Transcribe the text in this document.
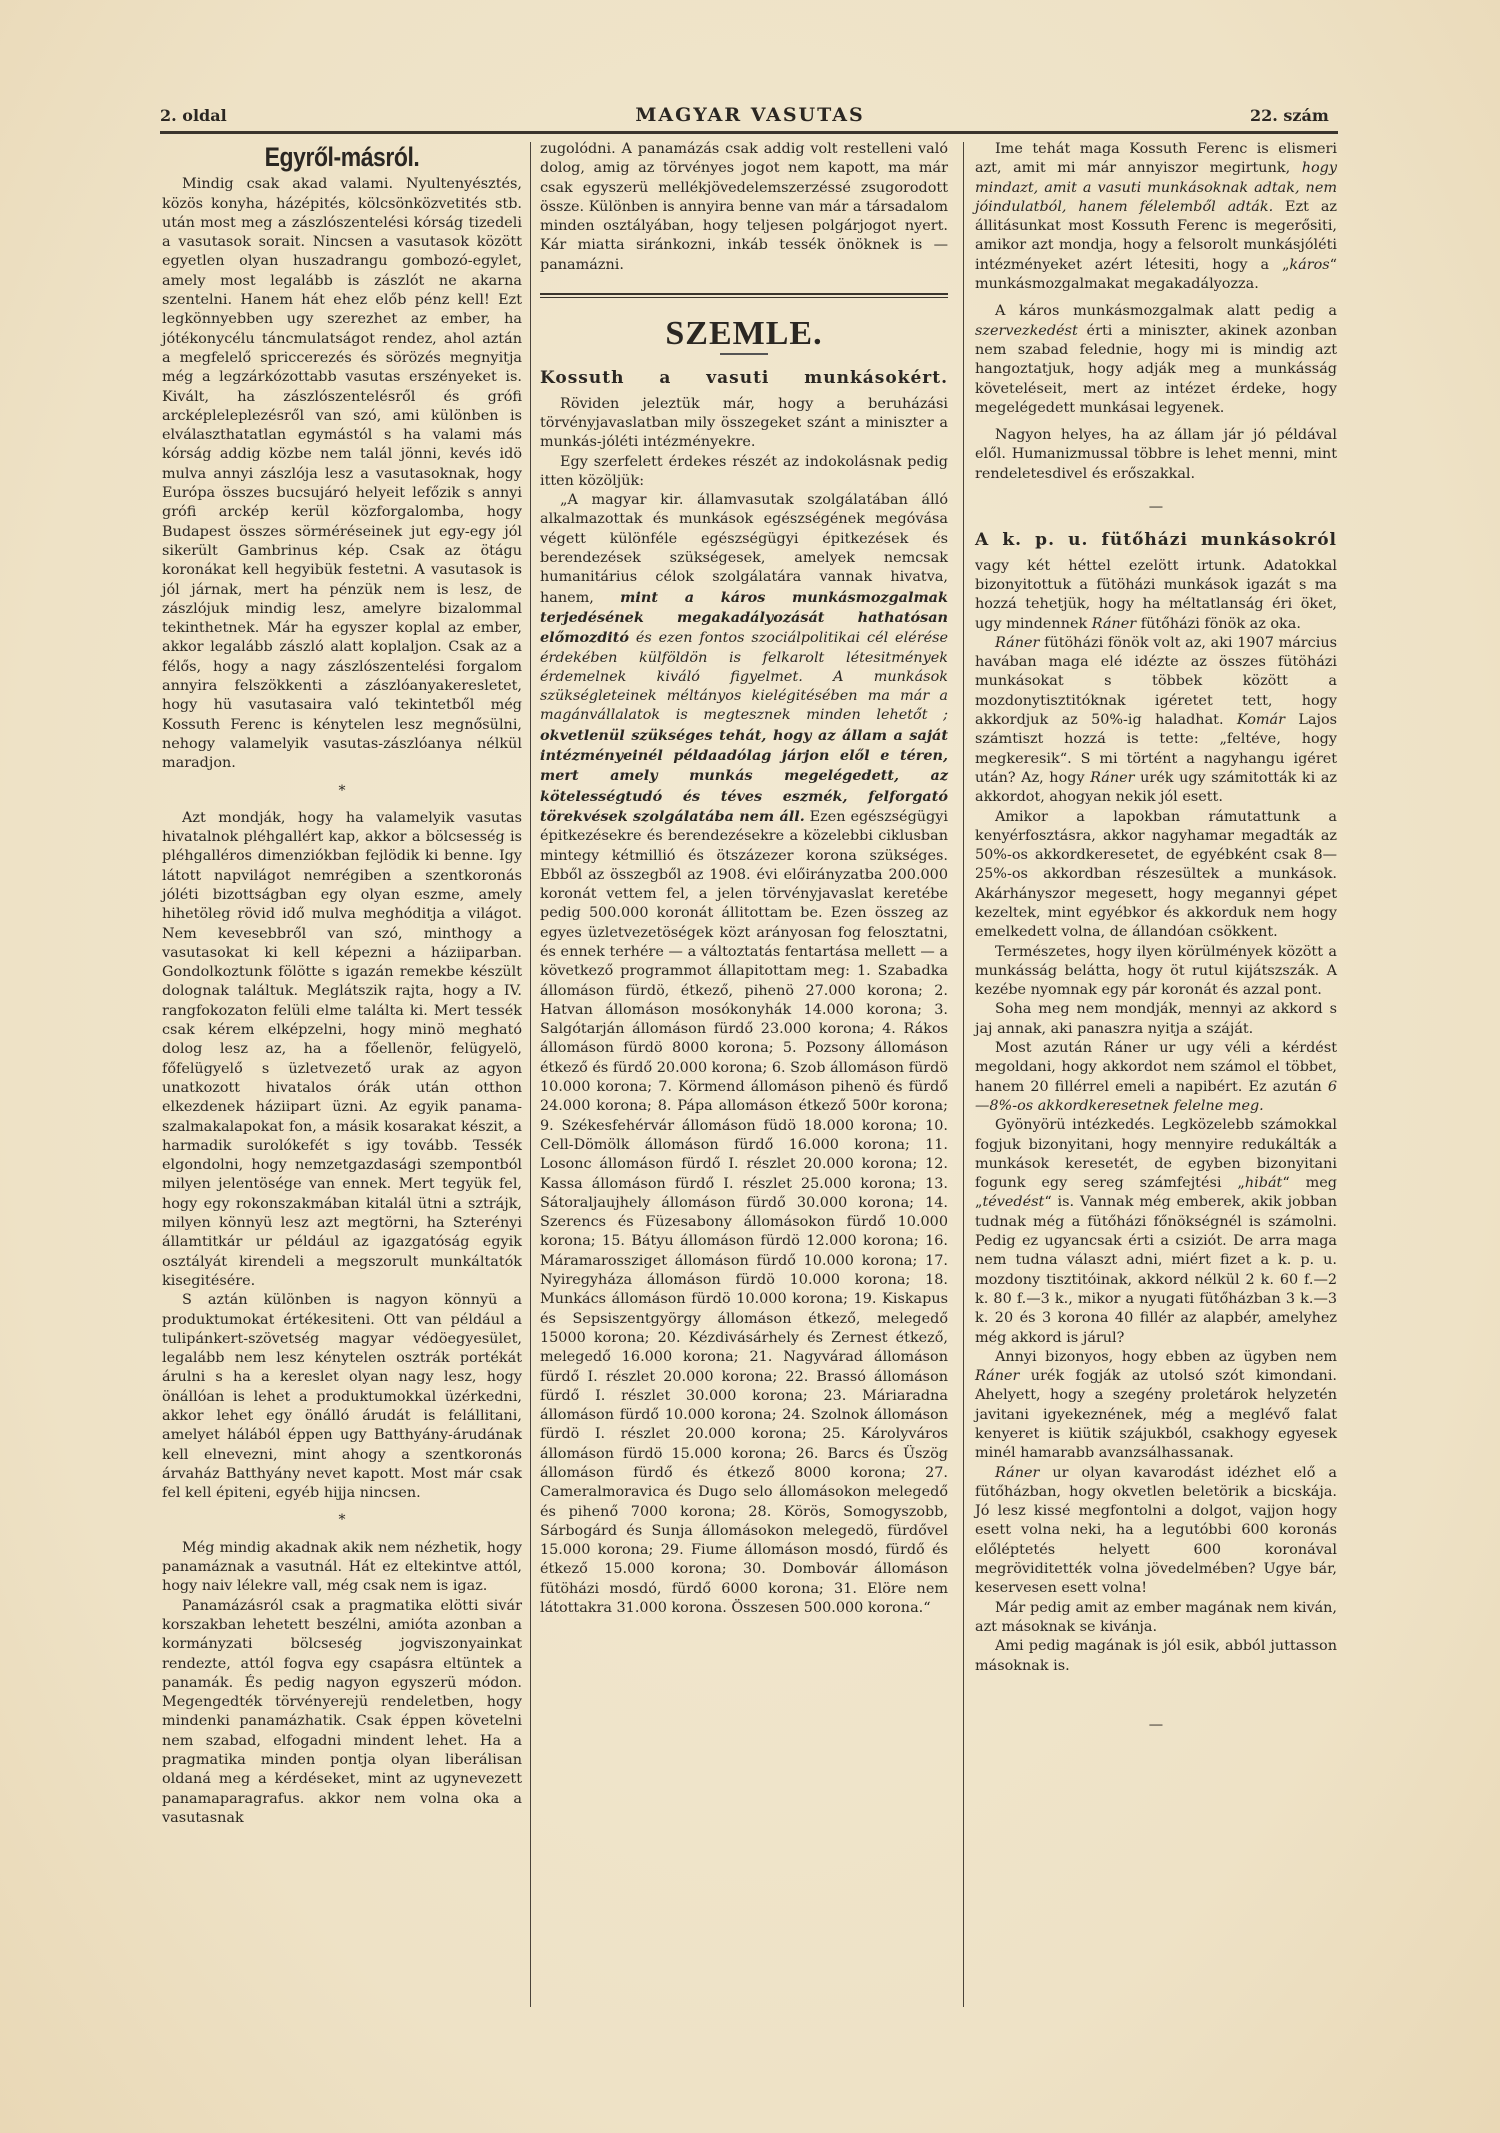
2. oldal	MAGYAR VASUTAS	22. szám
Egyről-másról.

Mindig csak akad valami. Nyultenyésztés, közös konyha, házépités, kölcsönközvetités stb. után most meg a zászlószentelési kórság tizedeli a vasutasok sorait. Nincsen a vasutasok között egyetlen olyan huszadrangu gombozó-egylet, amely most legalább is zászlót ne akarna szentelni. Hanem hát ehez előb pénz kell! Ezt legkönnyebben ugy szerezhet az ember, ha jótékonycélu táncmulatságot rendez, ahol aztán a megfelelő spriccerezés és sörözés megnyitja még a legzárkózottabb vasutas erszényeket is. Kivált, ha zászlószentelésről és grófi arcképleleplezésről van szó, ami különben is elválaszthatatlan egymástól s ha valami más kórság addig közbe nem talál jönni, kevés idö mulva annyi zászlója lesz a vasutasoknak, hogy Európa összes bucsujáró helyeit lefőzik s annyi grófi arckép kerül közforgalomba, hogy Budapest összes sörméréseinek jut egy-egy jól sikerült Gambrinus kép. Csak az ötágu koronákat kell hegyibük festetni. A vasutasok is jól járnak, mert ha pénzük nem is lesz, de zászlójuk mindig lesz, amelyre bizalommal tekinthetnek. Már ha egyszer koplal az ember, akkor legalább zászló alatt koplaljon. Csak az a félős, hogy a nagy zászlószentelési forgalom annyira felszökkenti a zászlóanyakeresletet, hogy hü vasutasaira való tekintetből még Kossuth Ferenc is kénytelen lesz megnősülni, nehogy valamelyik vasutas-zászlóanya nélkül maradjon.

*

Azt mondják, hogy ha valamelyik vasutas hivatalnok pléhgallért kap, akkor a bölcsesség is pléhgalléros dimenziókban fejlödik ki benne. Igy látott napvilágot nemrégiben a szentkoronás jóléti bizottságban egy olyan eszme, amely hihetöleg rövid idő mulva meghóditja a világot. Nem kevesebbről van szó, minthogy a vasutasokat ki kell képezni a háziiparban. Gondolkoztunk fölötte s igazán remekbe készült dolognak találtuk. Meglátszik rajta, hogy a IV. rangfokozaton felüli elme találta ki. Mert tessék csak kérem elképzelni, hogy minö megható dolog lesz az, ha a főellenör, felügyelö, főfelügyelő s üzletvezető urak az agyon unatkozott hivatalos órák után otthon elkezdenek háziipart üzni. Az egyik panama-szalmakalapokat fon, a másik kosarakat készit, a harmadik surolókefét s igy tovább. Tessék elgondolni, hogy nemzetgazdasági szempontból milyen jelentösége van ennek. Mert tegyük fel, hogy egy rokonszakmában kitalál ütni a sztrájk, milyen könnyü lesz azt megtörni, ha Szterényi államtitkár ur például az igazgatóság egyik osztályát kirendeli a megszorult munkáltatók kisegitésére.

S aztán különben is nagyon könnyü a produktumokat értékesiteni. Ott van például a tulipánkert-szövetség magyar védöegyesület, legalább nem lesz kénytelen osztrák portékát árulni s ha a kereslet olyan nagy lesz, hogy önállóan is lehet a produktumokkal üzérkedni, akkor lehet egy önálló árudát is felállitani, amelyet hálából éppen ugy Batthyány-árudának kell elnevezni, mint ahogy a szentkoronás árvaház Batthyány nevet kapott. Most már csak fel kell épiteni, egyéb hijja nincsen.

*

Még mindig akadnak akik nem nézhetik, hogy panamáznak a vasutnál. Hát ez eltekintve attól, hogy naiv lélekre vall, még csak nem is igaz.

Panamázásról csak a pragmatika elötti sivár korszakban lehetett beszélni, amióta azonban a kormányzati bölcseség jogviszonyainkat rendezte, attól fogva egy csapásra eltüntek a panamák. És pedig nagyon egyszerü módon. Megengedték törvényerejü rendeletben, hogy mindenki panamázhatik. Csak éppen követelni nem szabad, elfogadni mindent lehet. Ha a pragmatika minden pontja olyan liberálisan oldaná meg a kérdéseket, mint az ugynevezett panamaparagrafus. akkor nem volna oka a vasutasnak

zugolódni. A panamázás csak addig volt restelleni való dolog, amig az törvényes jogot nem kapott, ma már csak egyszerü mellékjövedelemszerzéssé zsugorodott össze. Különben is annyira benne van már a társadalom minden osztályában, hogy teljesen polgárjogot nyert. Kár miatta siránkozni, inkáb tessék önöknek is — panamázni.

SZEMLE.
Kossuth a vasuti munkásokért.

Röviden jeleztük már, hogy a beruházási törvényjavaslatban mily összegeket szánt a miniszter a munkás-jóléti intézményekre.

Egy szerfelett érdekes részét az indokolásnak pedig itten közöljük:

„A magyar kir. államvasutak szolgálatában álló alkalmazottak és munkások egészségének megóvása végett különféle egészségügyi épitkezések és berendezések szükségesek, amelyek nemcsak humanitárius célok szolgálatára vannak hivatva, hanem, mint a káros munkásmozgalmak terjedésének megakadályozását hathatósan előmozditó és ezen fontos szociálpolitikai cél elérése érdekében külföldön is felkarolt létesitmények érdemelnek kiváló figyelmet. A munkások szükségleteinek méltányos kielégitésében ma már a magánvállalatok is megtesznek minden lehetőt ; okvetlenül szükséges tehát, hogy az állam a saját intézményeinél példaadólag járjon elől e téren, mert amely munkás megelégedett, az kötelességtudó és téves eszmék, felforgató törekvések szolgálatába nem áll. Ezen egészségügyi épitkezésekre és berendezésekre a közelebbi ciklusban mintegy kétmillió és ötszázezer korona szükséges. Ebből az összegből az 1908. évi előirányzatba 200.000 koronát vettem fel, a jelen törvényjavaslat keretébe pedig 500.000 koronát állitottam be. Ezen összeg az egyes üzletvezetöségek közt arányosan fog felosztatni, és ennek terhére — a változtatás fentartása mellett — a következő programmot állapitottam meg: 1. Szabadka állomáson fürdö, étkező, pihenö 27.000 korona; 2. Hatvan állomáson mosókonyhák 14.000 korona; 3. Salgótarján állomáson fürdő 23.000 korona; 4. Rákos állomáson fürdö 8000 korona; 5. Pozsony állomáson étkező és fürdő 20.000 korona; 6. Szob állomáson fürdö 10.000 korona; 7. Körmend állomáson pihenö és fürdő 24.000 korona; 8. Pápa allomáson étkező 500r korona; 9. Székesfehérvár állomáson füdö 18.000 korona; 10. Cell-Dömölk állomáson fürdő 16.000 korona; 11. Losonc állomáson fürdő I. részlet 20.000 korona; 12. Kassa állomáson fürdő I. részlet 25.000 korona; 13. Sátoraljaujhely állomáson fürdő 30.000 korona; 14. Szerencs és Füzesabony állomásokon fürdő 10.000 korona; 15. Bátyu állomáson fürdö 12.000 korona; 16. Máramarossziget állomáson fürdő 10.000 korona; 17. Nyiregyháza állomáson fürdö 10.000 korona; 18. Munkács állomáson fürdö 10.000 korona; 19. Kiskapus és Sepsiszentgyörgy állomáson étkező, melegedő 15000 korona; 20. Kézdivásárhely és Zernest étkező, melegedő 16.000 korona; 21. Nagyvárad állomáson fürdő I. részlet 20.000 korona; 22. Brassó állomáson fürdő I. részlet 30.000 korona; 23. Máriaradna állomáson fürdő 10.000 korona; 24. Szolnok állomáson fürdö I. részlet 20.000 korona; 25. Károlyváros állomáson fürdö 15.000 korona; 26. Barcs és Üszög állomáson fürdő és étkező 8000 korona; 27. Cameralmoravica és Dugo selo állomásokon melegedő és pihenő 7000 korona; 28. Körös, Somogyszobb, Sárbogárd és Sunja állomásokon melegedö, fürdővel 15.000 korona; 29. Fiume állomáson mosdó, fürdő és étkező 15.000 korona; 30. Dombovár állomáson fütöházi mosdó, fürdő 6000 korona; 31. Elöre nem látottakra 31.000 korona. Összesen 500.000 korona.“

Ime tehát maga Kossuth Ferenc is elismeri azt, amit mi már annyiszor megirtunk, hogy mindazt, amit a vasuti munkásoknak adtak, nem jóindulatból, hanem félelemből adták. Ezt az állitásunkat most Kossuth Ferenc is megerősiti, amikor azt mondja, hogy a felsorolt munkásjóléti intézményeket azért létesiti, hogy a „káros“ munkásmozgalmakat megakadályozza.

A káros munkásmozgalmak alatt pedig a szervezkedést érti a miniszter, akinek azonban nem szabad felednie, hogy mi is mindig azt hangoztatjuk, hogy adják meg a munkásság követeléseit, mert az intézet érdeke, hogy megelégedett munkásai legyenek.

Nagyon helyes, ha az állam jár jó példával elől. Humanizmussal többre is lehet menni, mint rendeletesdivel és erőszakkal.

—
A k. p. u. fütőházi munkásokról

vagy két héttel ezelött irtunk. Adatokkal bizonyitottuk a fütöházi munkások igazát s ma hozzá tehetjük, hogy ha méltatlanság éri öket, ugy mindennek Ráner fütőházi fönök az oka.

Ráner fütöházi fönök volt az, aki 1907 március havában maga elé idézte az összes fütöházi munkásokat s többek között a mozdonytisztitóknak igéretet tett, hogy akkordjuk az 50%-ig haladhat. Komár Lajos számtiszt hozzá is tette: „feltéve, hogy megkeresik“. S mi történt a nagyhangu igéret után? Az, hogy Ráner urék ugy számitották ki az akkordot, ahogyan nekik jól esett.

Amikor a lapokban rámutattunk a kenyérfosztásra, akkor nagyhamar megadták az 50%-os akkordkeresetet, de egyébként csak 8—25%-os akkordban részesültek a munkások. Akárhányszor megesett, hogy megannyi gépet kezeltek, mint egyébkor és akkorduk nem hogy emelkedett volna, de állandóan csökkent.

Természetes, hogy ilyen körülmények között a munkásság belátta, hogy öt rutul kijátszszák. A kezébe nyomnak egy pár koronát és azzal pont.

Soha meg nem mondják, mennyi az akkord s jaj annak, aki panaszra nyitja a száját.

Most azután Ráner ur ugy véli a kérdést megoldani, hogy akkordot nem számol el többet, hanem 20 fillérrel emeli a napibért. Ez azután 6—8%-os akkordkeresetnek felelne meg.

Gyönyörü intézkedés. Legközelebb számokkal fogjuk bizonyitani, hogy mennyire redukálták a munkások keresetét, de egyben bizonyitani fogunk egy sereg számfejtési „hibát“ meg „tévedést“ is. Vannak még emberek, akik jobban tudnak még a fütőházi főnökségnél is számolni. Pedig ez ugyancsak érti a csiziót. De arra maga nem tudna választ adni, miért fizet a k. p. u. mozdony tisztitóinak, akkord nélkül 2 k. 60 f.—2 k. 80 f.—3 k., mikor a nyugati fütőházban 3 k.—3 k. 20 és 3 korona 40 fillér az alapbér, amelyhez még akkord is járul?

Annyi bizonyos, hogy ebben az ügyben nem Ráner urék fogják az utolsó szót kimondani. Ahelyett, hogy a szegény proletárok helyzetén javitani igyekeznének, még a meglévő falat kenyeret is kiütik szájukból, csakhogy egyesek minél hamarabb avanzsálhassanak.

Ráner ur olyan kavarodást idézhet elő a fütőházban, hogy okvetlen beletörik a bicskája. Jó lesz kissé megfontolni a dolgot, vajjon hogy esett volna neki, ha a legutóbbi 600 koronás előléptetés helyett 600 koronával megröviditették volna jövedelmében? Ugye bár, keservesen esett volna!

Már pedig amit az ember magának nem kiván, azt másoknak se kivánja.

Ami pedig magának is jól esik, abból juttasson másoknak is.

—
